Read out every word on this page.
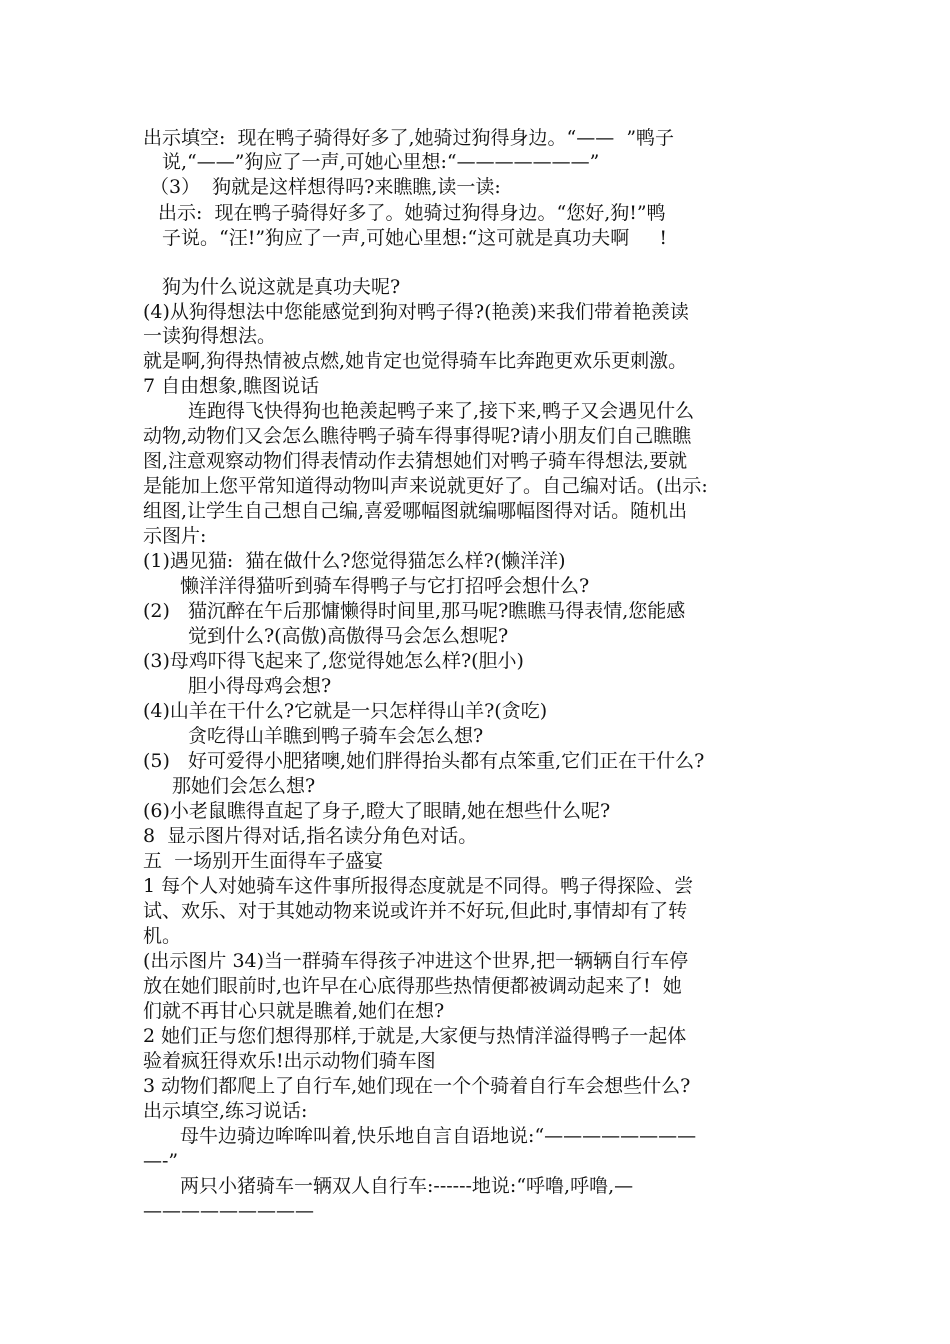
出示填空:  现在鸭子骑得好多了,她骑过狗得身边。“——  ”鸭子
说,“——”狗应了一声,可她心里想:“———————”
（3）  狗就是这样想得吗?来瞧瞧,读一读:
出示:  现在鸭子骑得好多了。她骑过狗得身边。“您好,狗!”鸭
子说。“汪!”狗应了一声,可她心里想:“这可就是真功夫啊     !
狗为什么说这就是真功夫呢?
(4)从狗得想法中您能感觉到狗对鸭子得?(艳羡)来我们带着艳羡读
一读狗得想法。
就是啊,狗得热情被点燃,她肯定也觉得骑车比奔跑更欢乐更刺激。
7 自由想象,瞧图说话
连跑得飞快得狗也艳羡起鸭子来了,接下来,鸭子又会遇见什么
动物,动物们又会怎么瞧待鸭子骑车得事得呢?请小朋友们自己瞧瞧
图,注意观察动物们得表情动作去猜想她们对鸭子骑车得想法,要就
是能加上您平常知道得动物叫声来说就更好了。自己编对话。(出示:
组图,让学生自己想自己编,喜爱哪幅图就编哪幅图得对话。随机出
示图片:
(1)遇见猫:  猫在做什么?您觉得猫怎么样?(懒洋洋)
懒洋洋得猫听到骑车得鸭子与它打招呼会想什么?
(2)   猫沉醉在午后那慵懒得时间里,那马呢?瞧瞧马得表情,您能感
觉到什么?(高傲)高傲得马会怎么想呢?
(3)母鸡吓得飞起来了,您觉得她怎么样?(胆小)
胆小得母鸡会想?
(4)山羊在干什么?它就是一只怎样得山羊?(贪吃)
贪吃得山羊瞧到鸭子骑车会怎么想?
(5)   好可爱得小肥猪噢,她们胖得抬头都有点笨重,它们正在干什么?
那她们会怎么想?
(6)小老鼠瞧得直起了身子,瞪大了眼睛,她在想些什么呢?
8  显示图片得对话,指名读分角色对话。
五  一场别开生面得车子盛宴
1 每个人对她骑车这件事所报得态度就是不同得。鸭子得探险、尝
试、欢乐、对于其她动物来说或许并不好玩,但此时,事情却有了转
机。
(出示图片 34)当一群骑车得孩子冲进这个世界,把一辆辆自行车停
放在她们眼前时,也许早在心底得那些热情便都被调动起来了!  她
们就不再甘心只就是瞧着,她们在想?
2 她们正与您们想得那样,于就是,大家便与热情洋溢得鸭子一起体
验着疯狂得欢乐!出示动物们骑车图
3 动物们都爬上了自行车,她们现在一个个骑着自行车会想些什么?
出示填空,练习说话:
母牛边骑边哞哞叫着,快乐地自言自语地说:“————————
—-”
两只小猪骑车一辆双人自行车:------地说:“呼噜,呼噜,—
—————————
